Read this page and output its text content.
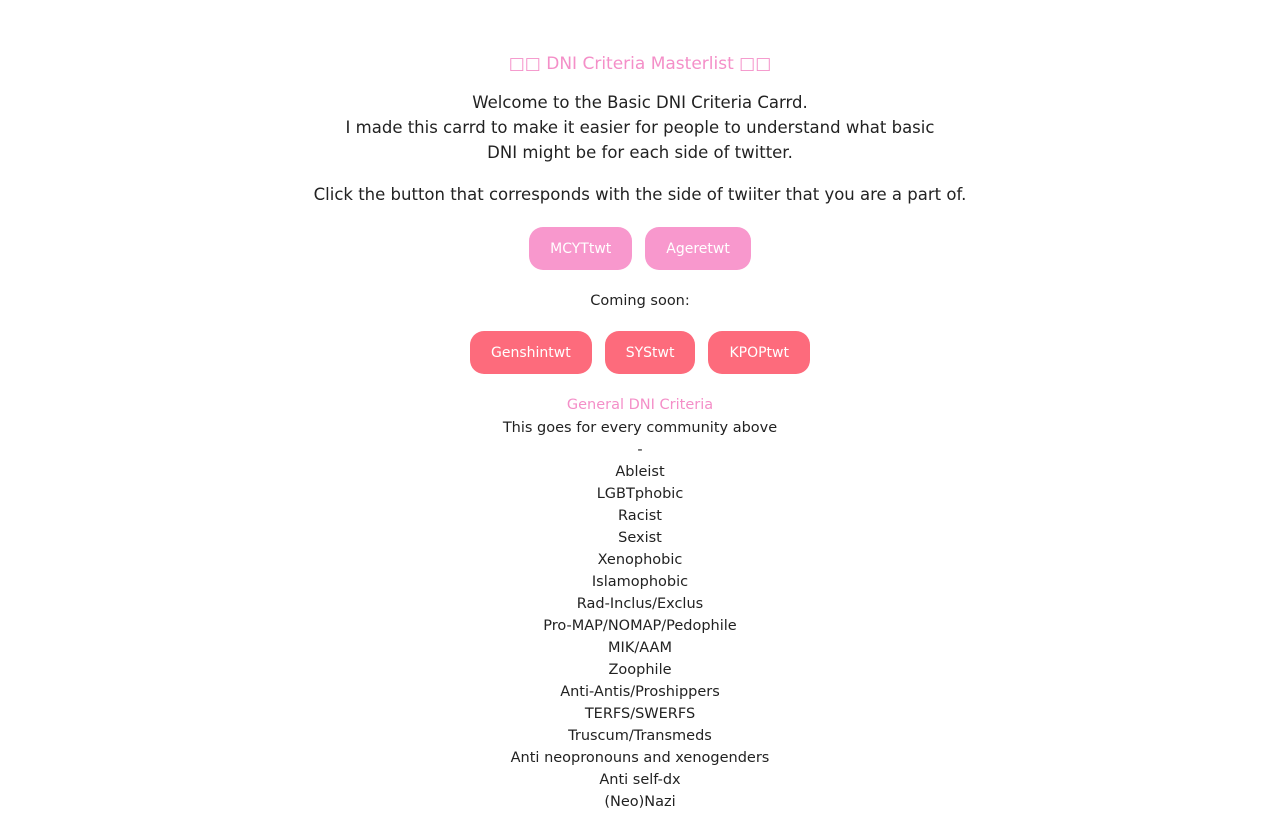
□□ DNI Criteria Masterlist □□

Welcome to the Basic DNI Criteria Carrd.

I made this carrd to make it easier for people to understand what basic DNI might be for each side of twitter.

Click the button that corresponds with the side of twiiter that you are a part of.
MCYTtwt	Ageretwt
Coming soon:
Genshintwt	SYStwt	KPOPtwt
General DNI Criteria
This goes for every community above
-
Ableist
LGBTphobic
Racist
Sexist
Xenophobic
Islamophobic
Rad-Inclus/Exclus
Pro-MAP/NOMAP/Pedophile
MIK/AAM
Zoophile
Anti-Antis/Proshippers
TERFS/SWERFS
Truscum/Transmeds
Anti neopronouns and xenogenders
Anti self-dx
(Neo)Nazi
